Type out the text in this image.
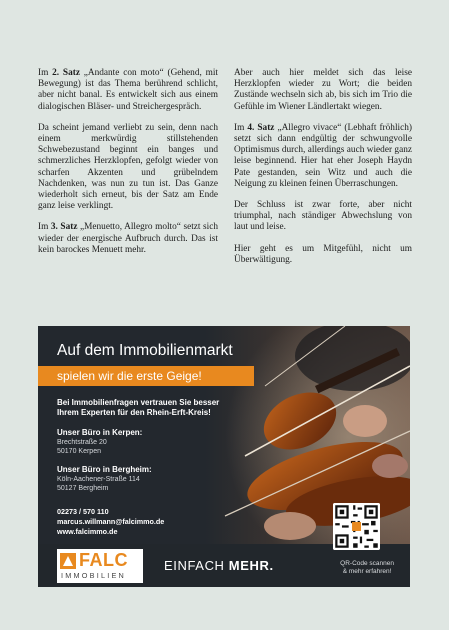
Im 2. Satz „Andante con moto“ (Gehend, mit Bewegung) ist das Thema berührend schlicht, aber nicht banal. Es entwickelt sich aus einem dialogischen Bläser- und Streichergespräch.

Da scheint jemand verliebt zu sein, denn nach einem merkwürdig stillstehenden Schwebezustand beginnt ein banges und schmerzliches Herzklopfen, gefolgt wieder von scharfen Akzenten und grübelndem Nachdenken, was nun zu tun ist. Das Ganze wiederholt sich erneut, bis der Satz am Ende ganz leise verklingt.

Im 3. Satz „Menuetto, Allegro molto“ setzt sich wieder der energische Aufbruch durch. Das ist kein barockes Menuett mehr.

Aber auch hier meldet sich das leise Herzklopfen wieder zu Wort; die beiden Zustände wechseln sich ab, bis sich im Trio die Gefühle im Wiener Ländlertakt wiegen.

Im 4. Satz „Allegro vivace“ (Lebhaft fröhlich) setzt sich dann endgültig der schwungvolle Optimismus durch, allerdings auch wieder ganz leise beginnend. Hier hat eher Joseph Haydn Pate gestanden, sein Witz und auch die Neigung zu kleinen feinen Überraschungen.

Der Schluss ist zwar forte, aber nicht triumphal, nach ständiger Abwechslung von laut und leise.

Hier geht es um Mitgefühl, nicht um Überwältigung.

Auf dem Immobilienmarkt
spielen wir die erste Geige!
Bei Immobilienfragen vertrauen Sie besser
Ihrem Experten für den Rhein-Erft-Kreis!
Unser Büro in Kerpen:
Brechtstraße 20
50170 Kerpen
Unser Büro in Bergheim:
Köln-Aachener-Straße 114
50127 Bergheim
02273 / 570 110
marcus.willmann@falcimmo.de
www.falcimmo.de
FALC
IMMOBILIEN
EINFACH MEHR.	QR-Code scannen
& mehr erfahren!
